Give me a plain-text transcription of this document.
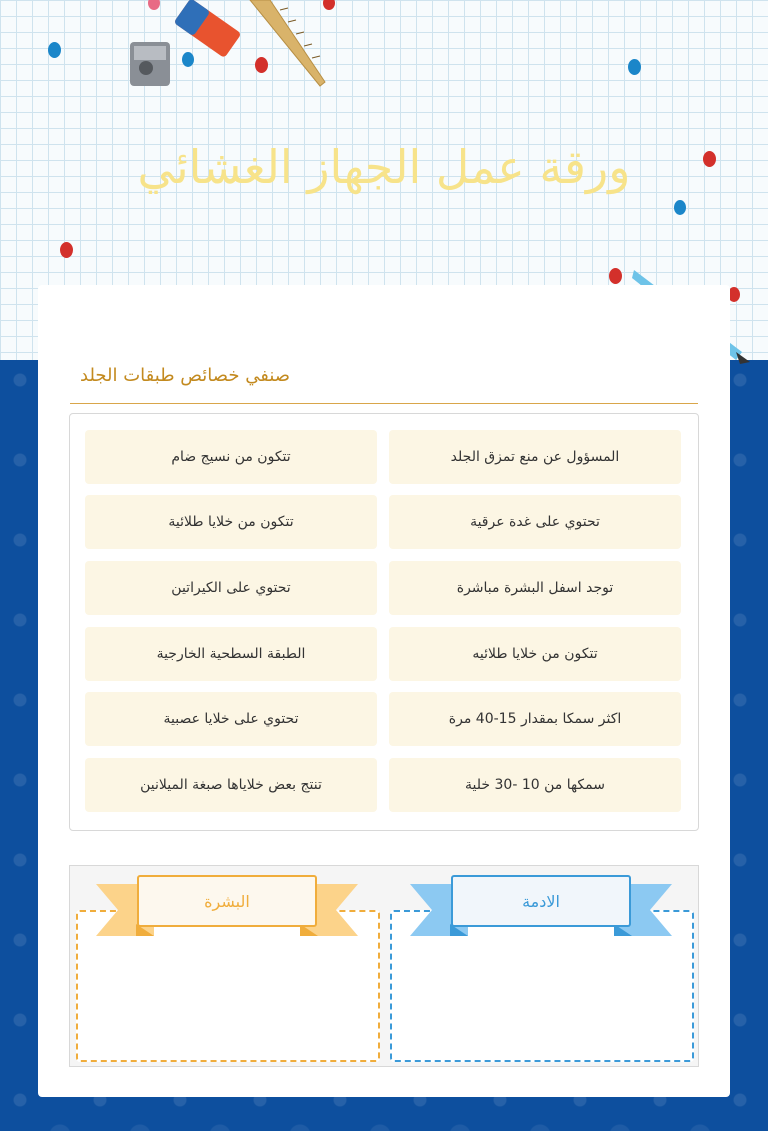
ورقة عمل الجهاز الغشائي
صنفي خصائص طبقات الجلد
المسؤول عن منع تمزق الجلد
تتكون من نسيج ضام
تحتوي على غدة عرقية
تتكون من خلايا طلائية
توجد اسفل البشرة مباشرة
تحتوي على الكيراتين
تتكون من خلايا طلائيه
الطبقة السطحية الخارجية
اكثر سمكا بمقدار 15-40 مرة
تحتوي على خلايا عصبية
سمكها من 10 -30 خلية
تنتج بعض خلاياها صبغة الميلانين
الادمة
البشرة
